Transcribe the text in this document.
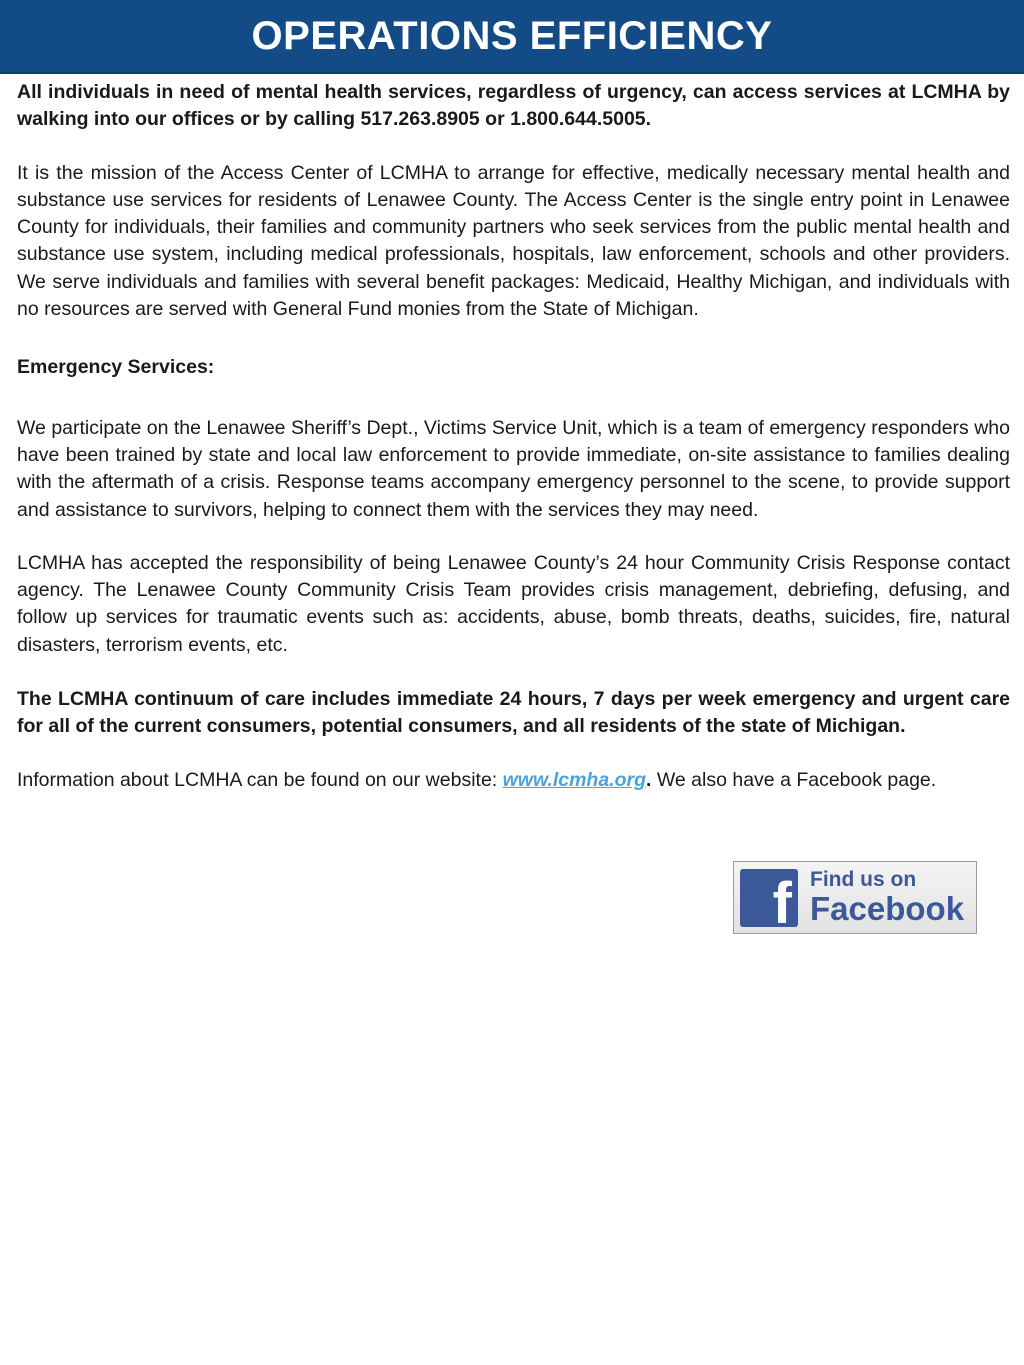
OPERATIONS EFFICIENCY

All individuals in need of mental health services, regardless of urgency, can access services at LCMHA by walking into our offices or by calling 517.263.8905 or 1.800.644.5005.

It is the mission of the Access Center of LCMHA to arrange for effective, medically necessary mental health and substance use services for residents of Lenawee County. The Access Center is the single entry point in Lenawee County for individuals, their families and community partners who seek services from the public mental health and substance use system, including medical professionals, hospitals, law enforcement, schools and other providers. We serve individuals and families with several benefit packages: Medicaid, Healthy Michigan, and individuals with no resources are served with General Fund monies from the State of Michigan.

Emergency Services:

We participate on the Lenawee Sheriff’s Dept., Victims Service Unit, which is a team of emergency responders who have been trained by state and local law enforcement to provide immediate, on-site assistance to families dealing with the aftermath of a crisis. Response teams accompany emergency personnel to the scene, to provide support and assistance to survivors, helping to connect them with the services they may need.

LCMHA has accepted the responsibility of being Lenawee County’s 24 hour Community Crisis Response contact agency. The Lenawee County Community Crisis Team provides crisis management, debriefing, defusing, and follow up services for traumatic events such as: accidents, abuse, bomb threats, deaths, suicides, fire, natural disasters, terrorism events, etc.

The LCMHA continuum of care includes immediate 24 hours, 7 days per week emergency and urgent care for all of the current consumers, potential consumers, and all residents of the state of Michigan.

Information about LCMHA can be found on our website: www.lcmha.org. We also have a Facebook page.

f Find us on
Facebook
